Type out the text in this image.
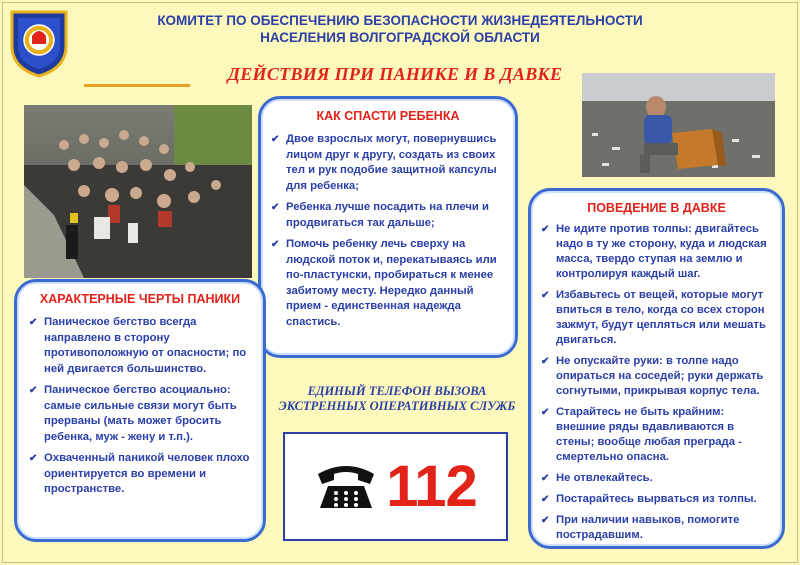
КОМИТЕТ ПО ОБЕСПЕЧЕНИЮ БЕЗОПАСНОСТИ ЖИЗНЕДЕЯТЕЛЬНОСТИ
НАСЕЛЕНИЯ ВОЛГОГРАДСКОЙ ОБЛАСТИ
ДЕЙСТВИЯ ПРИ ПАНИКЕ И В ДАВКЕ
КАК СПАСТИ РЕБЕНКА
✔ Двое взрослых могут, повернувшись лицом друг к другу, создать из своих тел и рук подобие защитной капсулы для ребенка;
✔ Ребенка лучше посадить на плечи и продвигаться так дальше;
✔ Помочь ребенку лечь сверху на людской поток и, перекатываясь или по-пластунски, пробираться к менее забитому месту. Нередко данный прием - единственная надежда спастись.
ХАРАКТЕРНЫЕ ЧЕРТЫ ПАНИКИ
✔ Паническое бегство всегда направлено в сторону противоположную от опасности; по ней двигается большинство.
✔ Паническое бегство асоциально: самые сильные связи могут быть прерваны (мать может бросить ребенка, муж - жену и т.п.).
✔ Охваченный паникой человек плохо ориентируется во времени и пространстве.
ПОВЕДЕНИЕ В ДАВКЕ
✔ Не идите против толпы: двигайтесь надо в ту же сторону, куда и людская масса, твердо ступая на землю и контролируя каждый шаг.
✔ Избавьтесь от вещей, которые могут впиться в тело, когда со всех сторон зажмут, будут цепляться или мешать двигаться.
✔ Не опускайте руки: в толпе надо опираться на соседей; руки держать согнутыми, прикрывая корпус тела.
✔ Старайтесь не быть крайним: внешние ряды вдавливаются в стены; вообще любая преграда - смертельно опасна.
✔ Не отвлекайтесь.
✔ Постарайтесь вырваться из толпы.
✔ При наличии навыков, помогите пострадавшим.
ЕДИНЫЙ ТЕЛЕФОН ВЫЗОВА
ЭКСТРЕННЫХ ОПЕРАТИВНЫХ СЛУЖБ
112
